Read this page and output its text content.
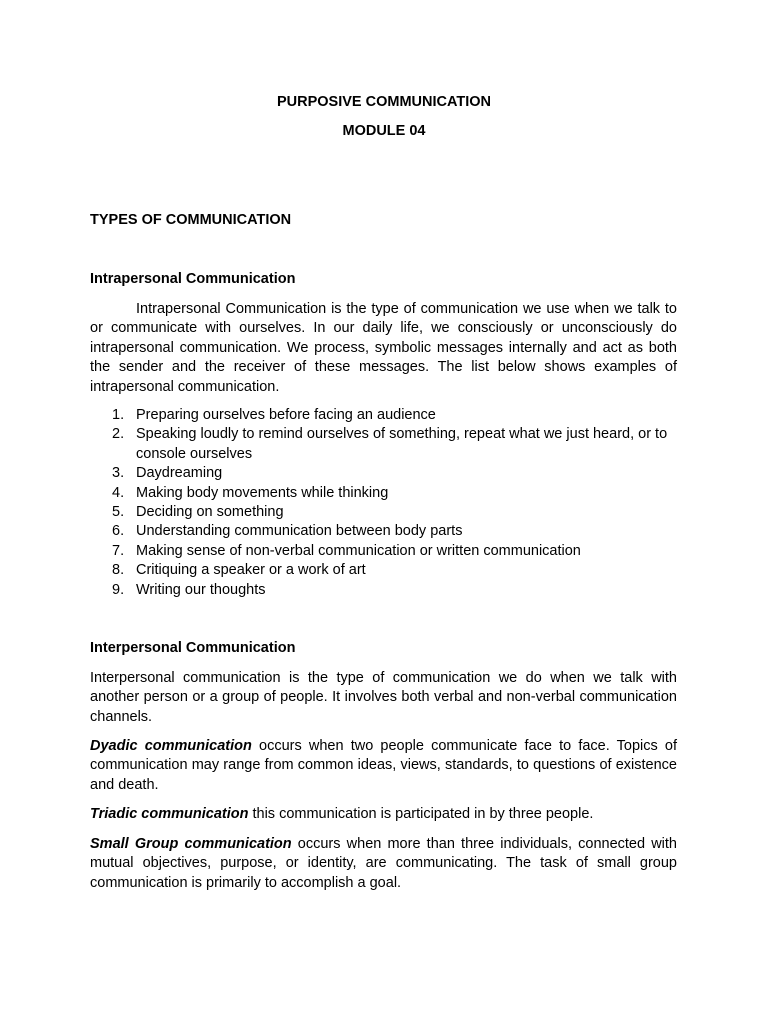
PURPOSIVE COMMUNICATION
MODULE 04
TYPES OF COMMUNICATION
Intrapersonal Communication
Intrapersonal Communication is the type of communication we use when we talk to or communicate with ourselves. In our daily life, we consciously or unconsciously do intrapersonal communication. We process, symbolic messages internally and act as both the sender and the receiver of these messages. The list below shows examples of intrapersonal communication.
1. Preparing ourselves before facing an audience
2. Speaking loudly to remind ourselves of something, repeat what we just heard, or to console ourselves
3. Daydreaming
4. Making body movements while thinking
5. Deciding on something
6. Understanding communication between body parts
7. Making sense of non-verbal communication or written communication
8. Critiquing a speaker or a work of art
9. Writing our thoughts
Interpersonal Communication
Interpersonal communication is the type of communication we do when we talk with another person or a group of people. It involves both verbal and non-verbal communication channels.
Dyadic communication occurs when two people communicate face to face. Topics of communication may range from common ideas, views, standards, to questions of existence and death.
Triadic communication this communication is participated in by three people.
Small Group communication occurs when more than three individuals, connected with mutual objectives, purpose, or identity, are communicating. The task of small group communication is primarily to accomplish a goal.
